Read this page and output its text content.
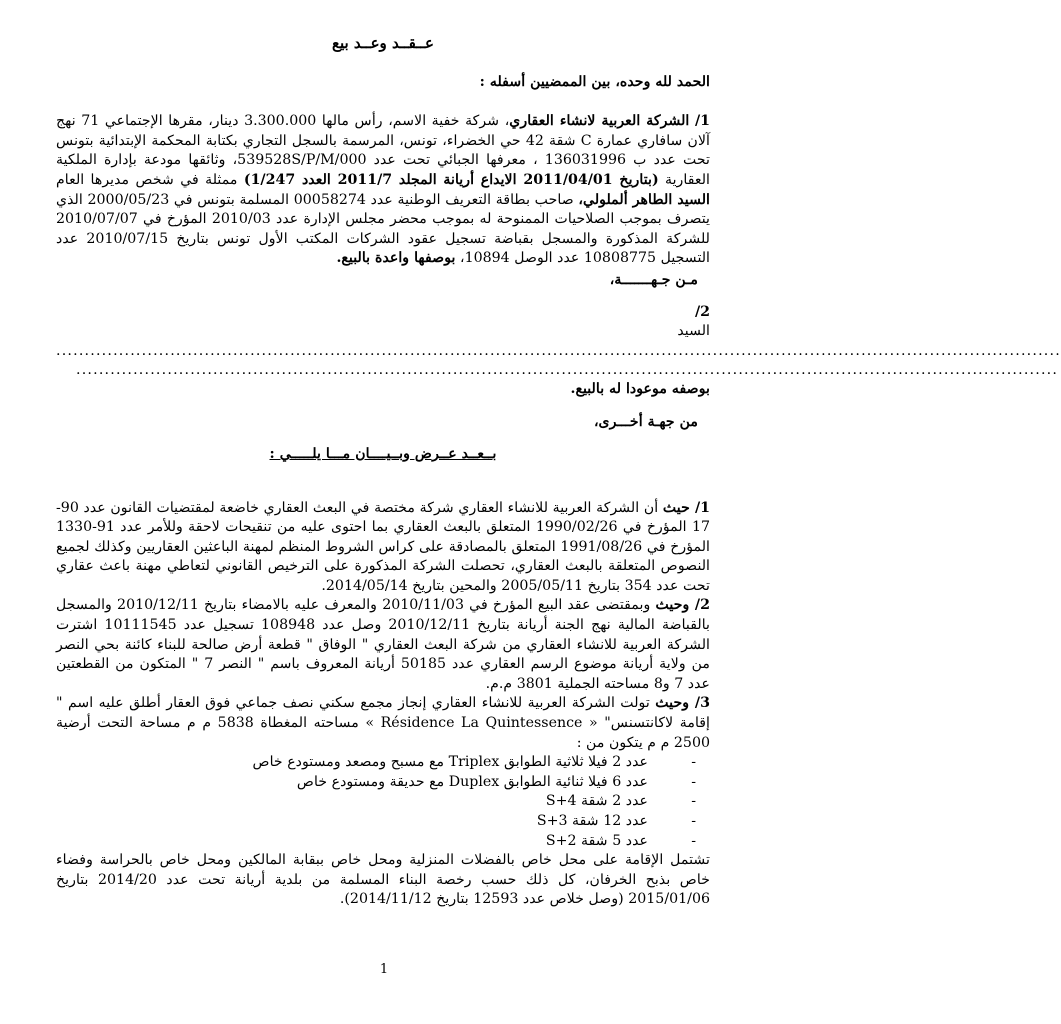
عــقــد وعــد بيع

الحمد لله وحده، بين الممضيين أسفله :

1/ الشركة العربية لانشاء العقاري، شركة خفية الاسم، رأس مالها 3.300.000 دينار، مقرها الإجتماعي 71 نهج آلان سافاري عمارة C شقة 42 حي الخضراء، تونس، المرسمة بالسجل التجاري بكتابة المحكمة الإبتدائية بتونس تحت عدد ب 136031996 ، معرفها الجبائي تحت عدد 539528S/P/M/000، وثائقها مودعة بإدارة الملكية العقارية (بتاريخ 2011/04/01 الايداع أريانة المجلد 2011/7 العدد 1/247) ممثلة في شخص مديرها العام السيد الطاهر ألملولي، صاحب بطاقة التعريف الوطنية عدد 00058274 المسلمة بتونس في 2000/05/23 الذي يتصرف بموجب الصلاحيات الممنوحة له بموجب محضر مجلس الإدارة عدد 2010/03 المؤرخ في 2010/07/07 للشركة المذكورة والمسجل بقباضة تسجيل عقود الشركات المكتب الأول تونس بتاريخ 2010/07/15 عدد التسجيل 10808775 عدد الوصل 10894، بوصفها واعدة بالبيع.

مـن جـهـــــــة،

2/

السيد

................................................................................................................................................................................
............................................................................................................................................................................

بوصفه موعودا له بالبيع.

من جهـة أخـــرى،

بــعــد عــرض وبــيــــان مـــا يلـــــي :

1/ حيث أن الشركة العربية للانشاء العقاري شركة مختصة في البعث العقاري خاضعة لمقتضيات القانون عدد 90-17 المؤرخ في 1990/02/26 المتعلق بالبعث العقاري بما احتوى عليه من تنقيحات لاحقة وللأمر عدد 91-1330 المؤرخ في 1991/08/26 المتعلق بالمصادقة على كراس الشروط المنظم لمهنة الباعثين العقاريين وكذلك لجميع النصوص المتعلقة بالبعث العقاري، تحصلت الشركة المذكورة على الترخيص القانوني لتعاطي مهنة باعث عقاري تحت عدد 354 بتاريخ 2005/05/11 والمحين بتاريخ 2014/05/14.

2/ وحيث وبمقتضى عقد البيع المؤرخ في 2010/11/03 والمعرف عليه بالامضاء بتاريخ 2010/12/11 والمسجل بالقباضة المالية نهج الجنة أريانة بتاريخ 2010/12/11 وصل عدد 108948 تسجيل عدد 10111545 اشترت الشركة العربية للانشاء العقاري من شركة البعث العقاري " الوفاق " قطعة أرض صالحة للبناء كائنة بحي النصر من ولاية أريانة موضوع الرسم العقاري عدد 50185 أريانة المعروف باسم " النصر 7 " المتكون من القطعتين عدد 7 و8 مساحته الجملية 3801 م.م.

3/ وحيث تولت الشركة العربية للانشاء العقاري إنجاز مجمع سكني نصف جماعي فوق العقار أطلق عليه اسم " إقامة لاكانتسنس" « Résidence La Quintessence » مساحته المغطاة 5838 م م مساحة التحت أرضية 2500 م م يتكون من :

-
عدد 2 فيلا ثلاثية الطوابق Triplex مع مسبح ومصعد ومستودع خاص
-
عدد 6 فيلا ثنائية الطوابق Duplex مع حديقة ومستودع خاص
-
عدد 2 شقة S+4
-
عدد 12 شقة S+3
-
عدد 5 شقة S+2

تشتمل الإقامة على محل خاص بالفضلات المنزلية ومحل خاص ببقابة المالكين ومحل خاص بالحراسة وفضاء خاص بذبح الخرفان، كل ذلك حسب رخصة البناء المسلمة من بلدية أريانة تحت عدد 2014/20 بتاريخ 2015/01/06 (وصل خلاص عدد 12593 بتاريخ 2014/11/12).

1
